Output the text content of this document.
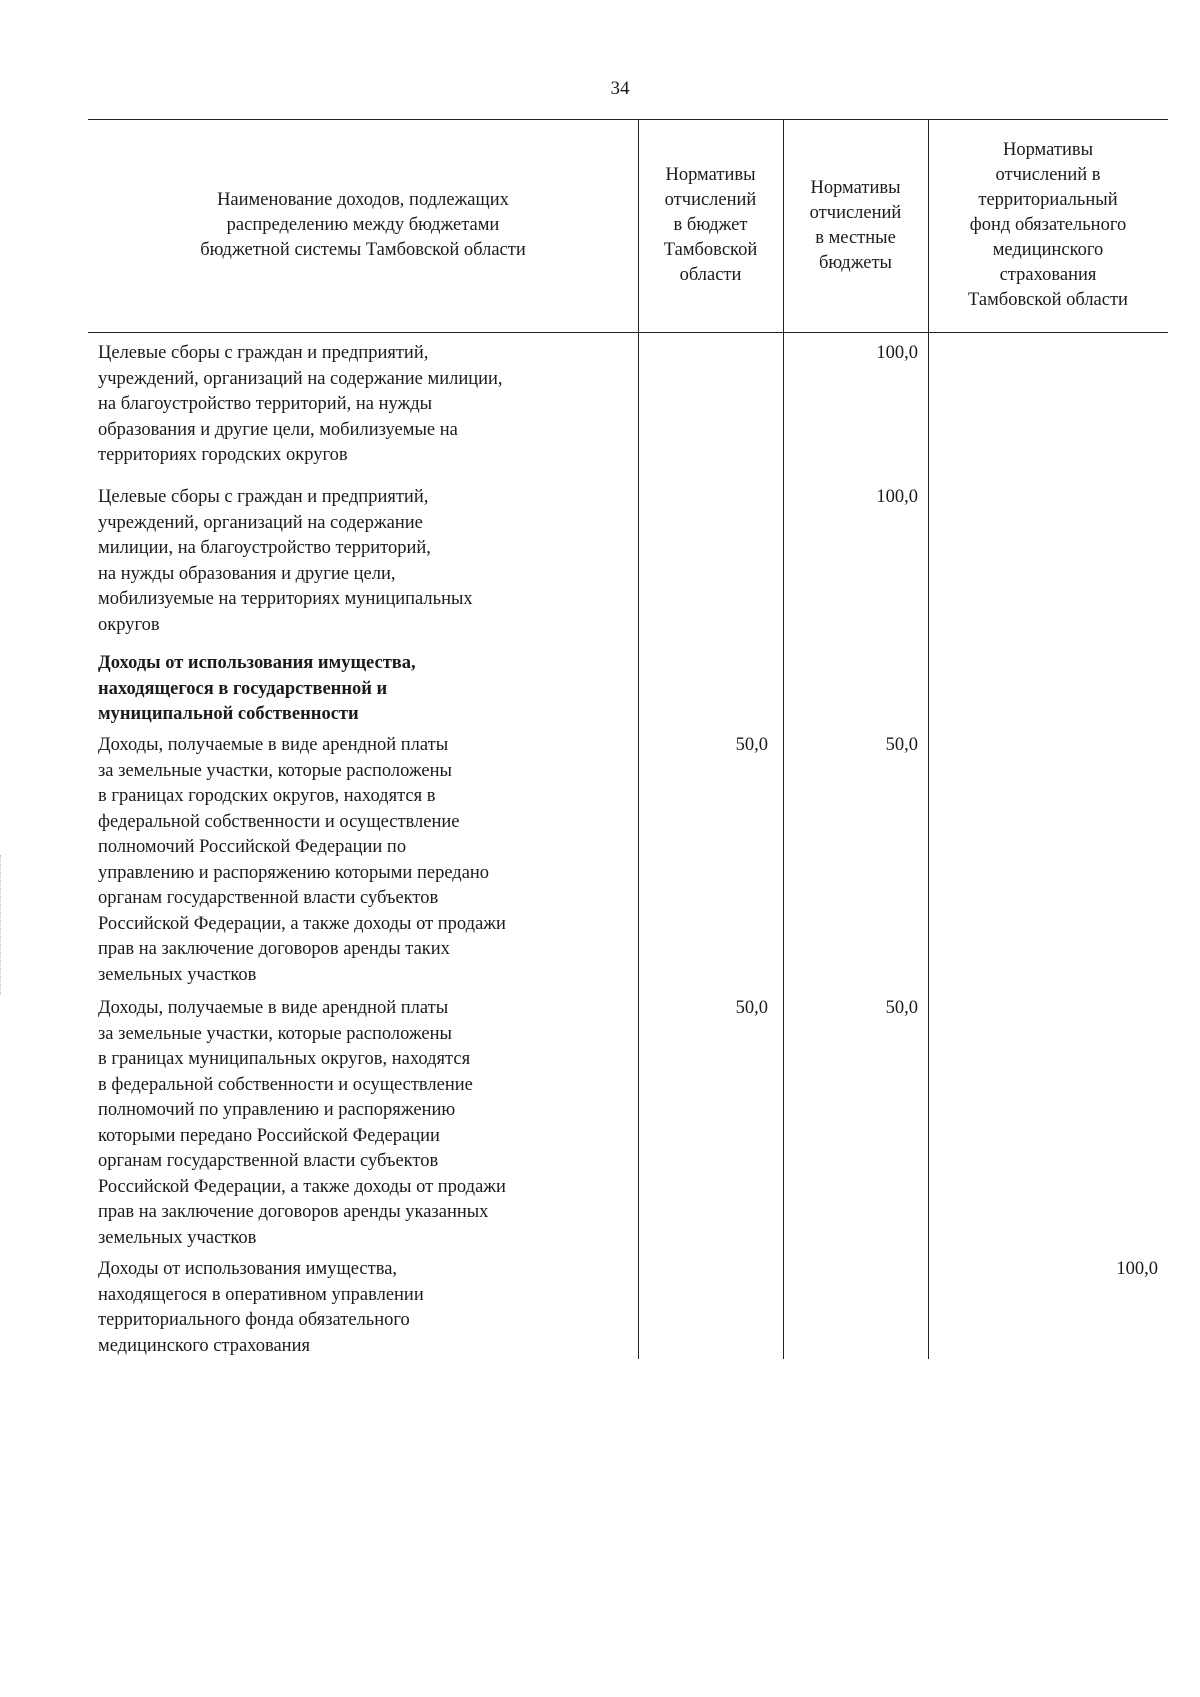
34
Наименование доходов, подлежащих
распределению между бюджетами
бюджетной системы Тамбовской области
Нормативы
отчислений
в бюджет
Тамбовской
области
Нормативы
отчислений
в местные
бюджеты
Нормативы
отчислений в
территориальный
фонд обязательного
медицинского
страхования
Тамбовской области
Целевые сборы с граждан и предприятий,
учреждений, организаций на содержание милиции,
на благоустройство территорий, на нужды
образования и другие цели, мобилизуемые на
территориях городских округов
100,0
Целевые сборы с граждан и предприятий,
учреждений, организаций на содержание
милиции, на благоустройство территорий,
на нужды образования и другие цели,
мобилизуемые на территориях муниципальных
округов
100,0
Доходы от использования имущества,
находящегося в государственной и
муниципальной собственности
Доходы, получаемые в виде арендной платы
за земельные участки, которые расположены
в границах городских округов, находятся в
федеральной собственности и осуществление
полномочий Российской Федерации по
управлению и распоряжению которыми передано
органам государственной власти субъектов
Российской Федерации, а также доходы от продажи
прав на заключение договоров аренды таких
земельных участков
50,0	50,0
Доходы, получаемые в виде арендной платы
за земельные участки, которые расположены
в границах муниципальных округов, находятся
в федеральной собственности и осуществление
полномочий по управлению и распоряжению
которыми передано Российской Федерации
органам государственной власти субъектов
Российской Федерации, а также доходы от продажи
прав на заключение договоров аренды указанных
земельных участков
50,0	50,0
Доходы от использования имущества,
находящегося в оперативном управлении
территориального фонда обязательного
медицинского страхования
100,0
